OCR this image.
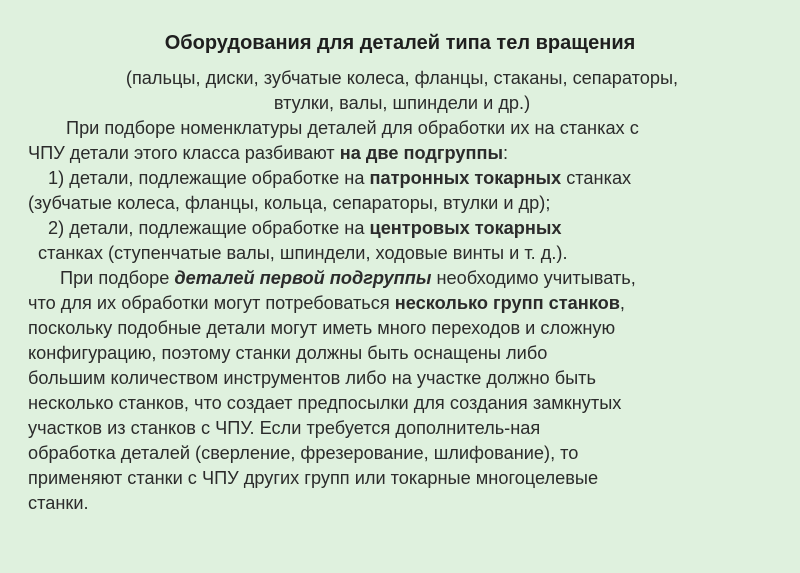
Оборудования для деталей типа тел вращения
(пальцы, диски, зубчатые колеса, фланцы, стаканы, сепараторы,
втулки, валы, шпиндели и др.)
При подборе номенклатуры деталей для обработки их на станках с
ЧПУ детали этого класса разбивают на две подгруппы:
1) детали, подлежащие обработке на патронных токарных станках
(зубчатые колеса, фланцы, кольца, сепараторы, втулки и др);
2) детали, подлежащие обработке на центровых токарных
станках (ступенчатые валы, шпиндели, ходовые винты и т. д.).
При подборе деталей первой подгруппы необходимо учитывать,
что для их обработки могут потребоваться несколько групп станков,
поскольку подобные детали могут иметь много переходов и сложную
конфигурацию, поэтому станки должны быть оснащены либо
большим количеством инструментов либо на участке должно быть
несколько станков, что создает предпосылки для создания замкнутых
участков из станков с ЧПУ. Если требуется дополнитель-ная
обработка деталей (сверление, фрезерование, шлифование), то
применяют станки с ЧПУ других групп или токарные многоцелевые
станки.
